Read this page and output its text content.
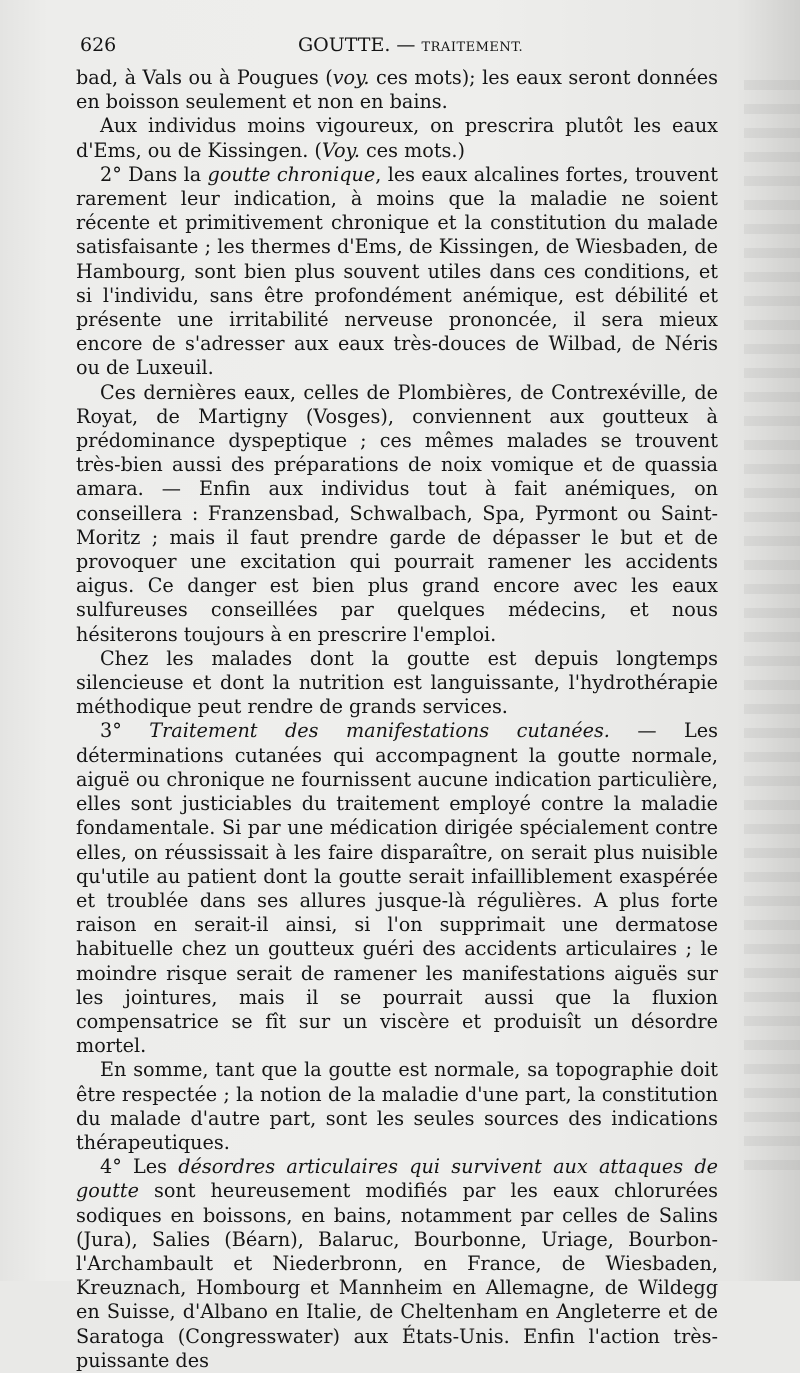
626	GOUTTE. — TRAITEMENT.

bad, à Vals ou à Pougues (voy. ces mots); les eaux seront données en boisson seulement et non en bains.

Aux individus moins vigoureux, on prescrira plutôt les eaux d'Ems, ou de Kissingen. (Voy. ces mots.)

2° Dans la goutte chronique, les eaux alcalines fortes, trouvent rarement leur indication, à moins que la maladie ne soient récente et primitivement chronique et la constitution du malade satisfaisante ; les thermes d'Ems, de Kissingen, de Wiesbaden, de Hambourg, sont bien plus souvent utiles dans ces conditions, et si l'individu, sans être profondément anémique, est débilité et présente une irritabilité nerveuse prononcée, il sera mieux encore de s'adresser aux eaux très-douces de Wilbad, de Néris ou de Luxeuil.

Ces dernières eaux, celles de Plombières, de Contrexéville, de Royat, de Martigny (Vosges), conviennent aux goutteux à prédominance dyspeptique ; ces mêmes malades se trouvent très-bien aussi des préparations de noix vomique et de quassia amara. — Enfin aux individus tout à fait anémiques, on conseillera : Franzensbad, Schwalbach, Spa, Pyrmont ou Saint-Moritz ; mais il faut prendre garde de dépasser le but et de provoquer une excitation qui pourrait ramener les accidents aigus. Ce danger est bien plus grand encore avec les eaux sulfureuses conseillées par quelques médecins, et nous hésiterons toujours à en prescrire l'emploi.

Chez les malades dont la goutte est depuis longtemps silencieuse et dont la nutrition est languissante, l'hydrothérapie méthodique peut rendre de grands services.

3° Traitement des manifestations cutanées. — Les déterminations cutanées qui accompagnent la goutte normale, aiguë ou chronique ne fournissent aucune indication particulière, elles sont justiciables du traitement employé contre la maladie fondamentale. Si par une médication dirigée spécialement contre elles, on réussissait à les faire disparaître, on serait plus nuisible qu'utile au patient dont la goutte serait infailliblement exaspérée et troublée dans ses allures jusque-là régulières. A plus forte raison en serait-il ainsi, si l'on supprimait une dermatose habituelle chez un goutteux guéri des accidents articulaires ; le moindre risque serait de ramener les manifestations aiguës sur les jointures, mais il se pourrait aussi que la fluxion compensatrice se fît sur un viscère et produisît un désordre mortel.

En somme, tant que la goutte est normale, sa topographie doit être respectée ; la notion de la maladie d'une part, la constitution du malade d'autre part, sont les seules sources des indications thérapeutiques.

4° Les désordres articulaires qui survivent aux attaques de goutte sont heureusement modifiés par les eaux chlorurées sodiques en boissons, en bains, notamment par celles de Salins (Jura), Salies (Béarn), Balaruc, Bourbonne, Uriage, Bourbon-l'Archambault et Niederbronn, en France, de Wiesbaden, Kreuznach, Hombourg et Mannheim en Allemagne, de Wildegg en Suisse, d'Albano en Italie, de Cheltenham en Angleterre et de Saratoga (Congresswater) aux États-Unis. Enfin l'action très-puissante des
